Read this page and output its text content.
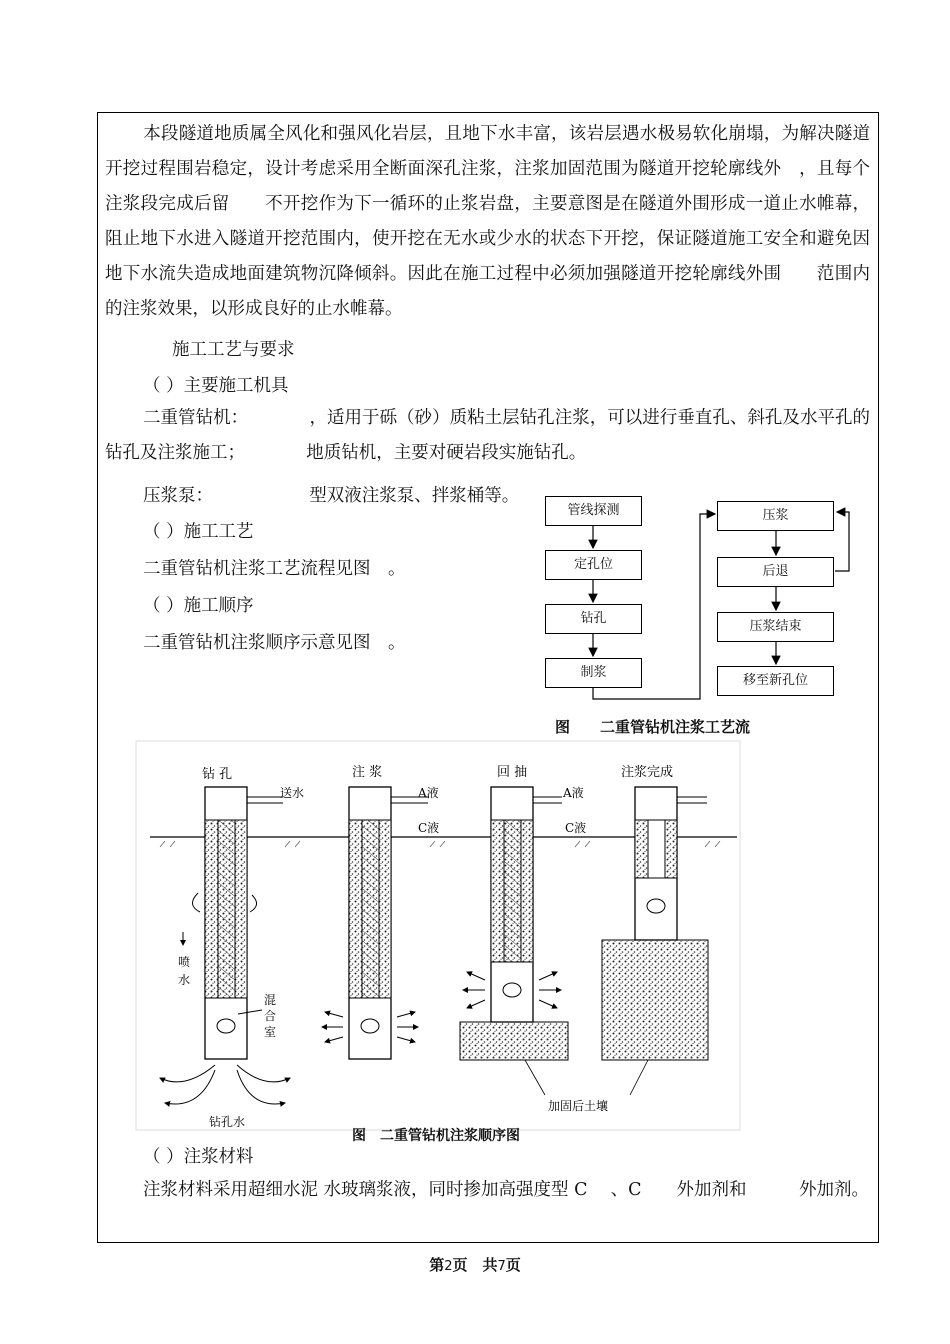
本段隧道地质属全风化和强风化岩层，且地下水丰富，该岩层遇水极易软化崩塌，为解决隧道开挖过程围岩稳定，设计考虑采用全断面深孔注浆，注浆加固范围为隧道开挖轮廓线外　，且每个注浆段完成后留　　不开挖作为下一循环的止浆岩盘，主要意图是在隧道外围形成一道止水帷幕，阻止地下水进入隧道开挖范围内，使开挖在无水或少水的状态下开挖，保证隧道施工安全和避免因地下水流失造成地面建筑物沉降倾斜。因此在施工过程中必须加强隧道开挖轮廓线外围　　范围内的注浆效果，以形成良好的止水帷幕。
施工工艺与要求
（ ）主要施工机具
二重管钻机：　　　　，适用于砾（砂）质粘土层钻孔注浆，可以进行垂直孔、斜孔及水平孔的钻孔及注浆施工；　　　　地质钻机，主要对硬岩段实施钻孔。
压浆泵：　　　　　　型双液注浆泵、拌浆桶等。
（ ）施工工艺
二重管钻机注浆工艺流程见图　。
（ ）施工顺序
二重管钻机注浆顺序示意见图　。
管线探测
定孔位
钻孔
制浆
压浆
后退
压浆结束
移至新孔位
图　　二重管钻机注浆工艺流
钻 孔	注 浆	回 抽	注浆完成
送水	A液	A液
C液	C液
喷
水
混
合
室
钻孔水
加固后土壤
图　二重管钻机注浆顺序图
（ ）注浆材料
注浆材料采用超细水泥 水玻璃浆液，同时掺加高强度型 C　 、C　　外加剂和　　　外加剂。
第2页　共7页
